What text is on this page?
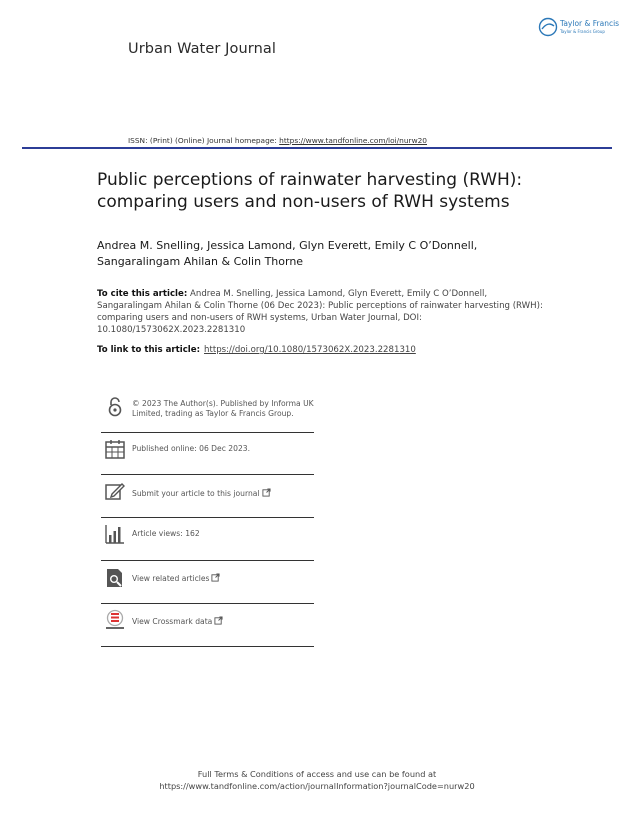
Urban Water Journal
Taylor & Francis
Taylor & Francis Group
ISSN: (Print) (Online) Journal homepage: https://www.tandfonline.com/loi/nurw20
Public perceptions of rainwater harvesting (RWH): comparing users and non-users of RWH systems
Andrea M. Snelling, Jessica Lamond, Glyn Everett, Emily C O’Donnell, Sangaralingam Ahilan & Colin Thorne
To cite this article: Andrea M. Snelling, Jessica Lamond, Glyn Everett, Emily C O’Donnell, Sangaralingam Ahilan & Colin Thorne (06 Dec 2023): Public perceptions of rainwater harvesting (RWH): comparing users and non-users of RWH systems, Urban Water Journal, DOI: 10.1080/1573062X.2023.2281310
To link to this article: https://doi.org/10.1080/1573062X.2023.2281310
© 2023 The Author(s). Published by Informa UK Limited, trading as Taylor & Francis Group.
Published online: 06 Dec 2023.
Submit your article to this journal
Article views: 162
View related articles
View Crossmark data
Full Terms & Conditions of access and use can be found at
https://www.tandfonline.com/action/journalInformation?journalCode=nurw20
